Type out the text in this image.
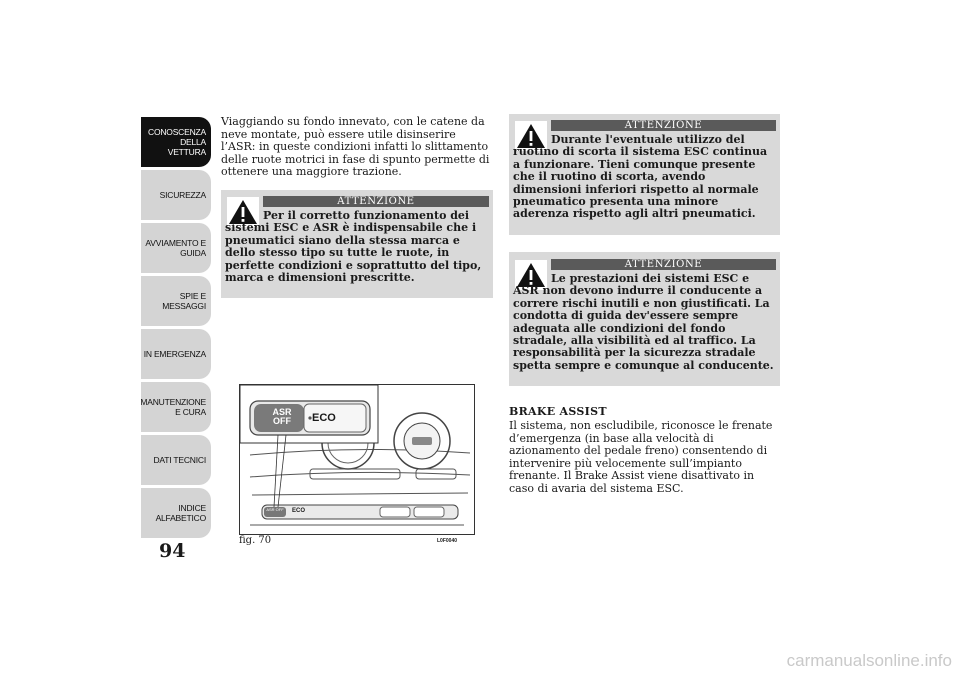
CONOSCENZA DELLA VETTURA
SICUREZZA
AVVIAMENTO E GUIDA
SPIE E MESSAGGI
IN EMERGENZA
MANUTENZIONE E CURA
DATI TECNICI
INDICE ALFABETICO
94

Viaggiando su fondo innevato, con le catene da neve montate, può essere utile disinserire l’ASR: in queste condizioni infatti lo slittamento delle ruote motrici in fase di spunto permette di ottenere una maggiore trazione.

ATTENZIONE

Per il corretto funzionamento dei sistemi ESC e ASR è indispensabile che i pneumatici siano della stessa marca e dello stesso tipo su tutte le ruote, in perfette condizioni e soprattutto del tipo, marca e dimensioni prescritte.

ASR
OFF	ECO
ASR OFF ECO
fig. 70	L0F0040
ATTENZIONE

Durante l'eventuale utilizzo del ruotino di scorta il sistema ESC continua a funzionare. Tieni comunque presente che il ruotino di scorta, avendo dimensioni inferiori rispetto al normale pneumatico presenta una minore aderenza rispetto agli altri pneumatici.

ATTENZIONE

Le prestazioni dei sistemi ESC e ASR non devono indurre il conducente a correre rischi inutili e non giustificati. La condotta di guida dev'essere sempre adeguata alle condizioni del fondo stradale, alla visibilità ed al traffico. La responsabilità per la sicurezza stradale spetta sempre e comunque al conducente.

BRAKE ASSIST

Il sistema, non escludibile, riconosce le frenate d’emergenza (in base alla velocità di azionamento del pedale freno) consentendo di intervenire più velocemente sull’impianto frenante. Il Brake Assist viene disattivato in caso di avaria del sistema ESC.

carmanualsonline.info
